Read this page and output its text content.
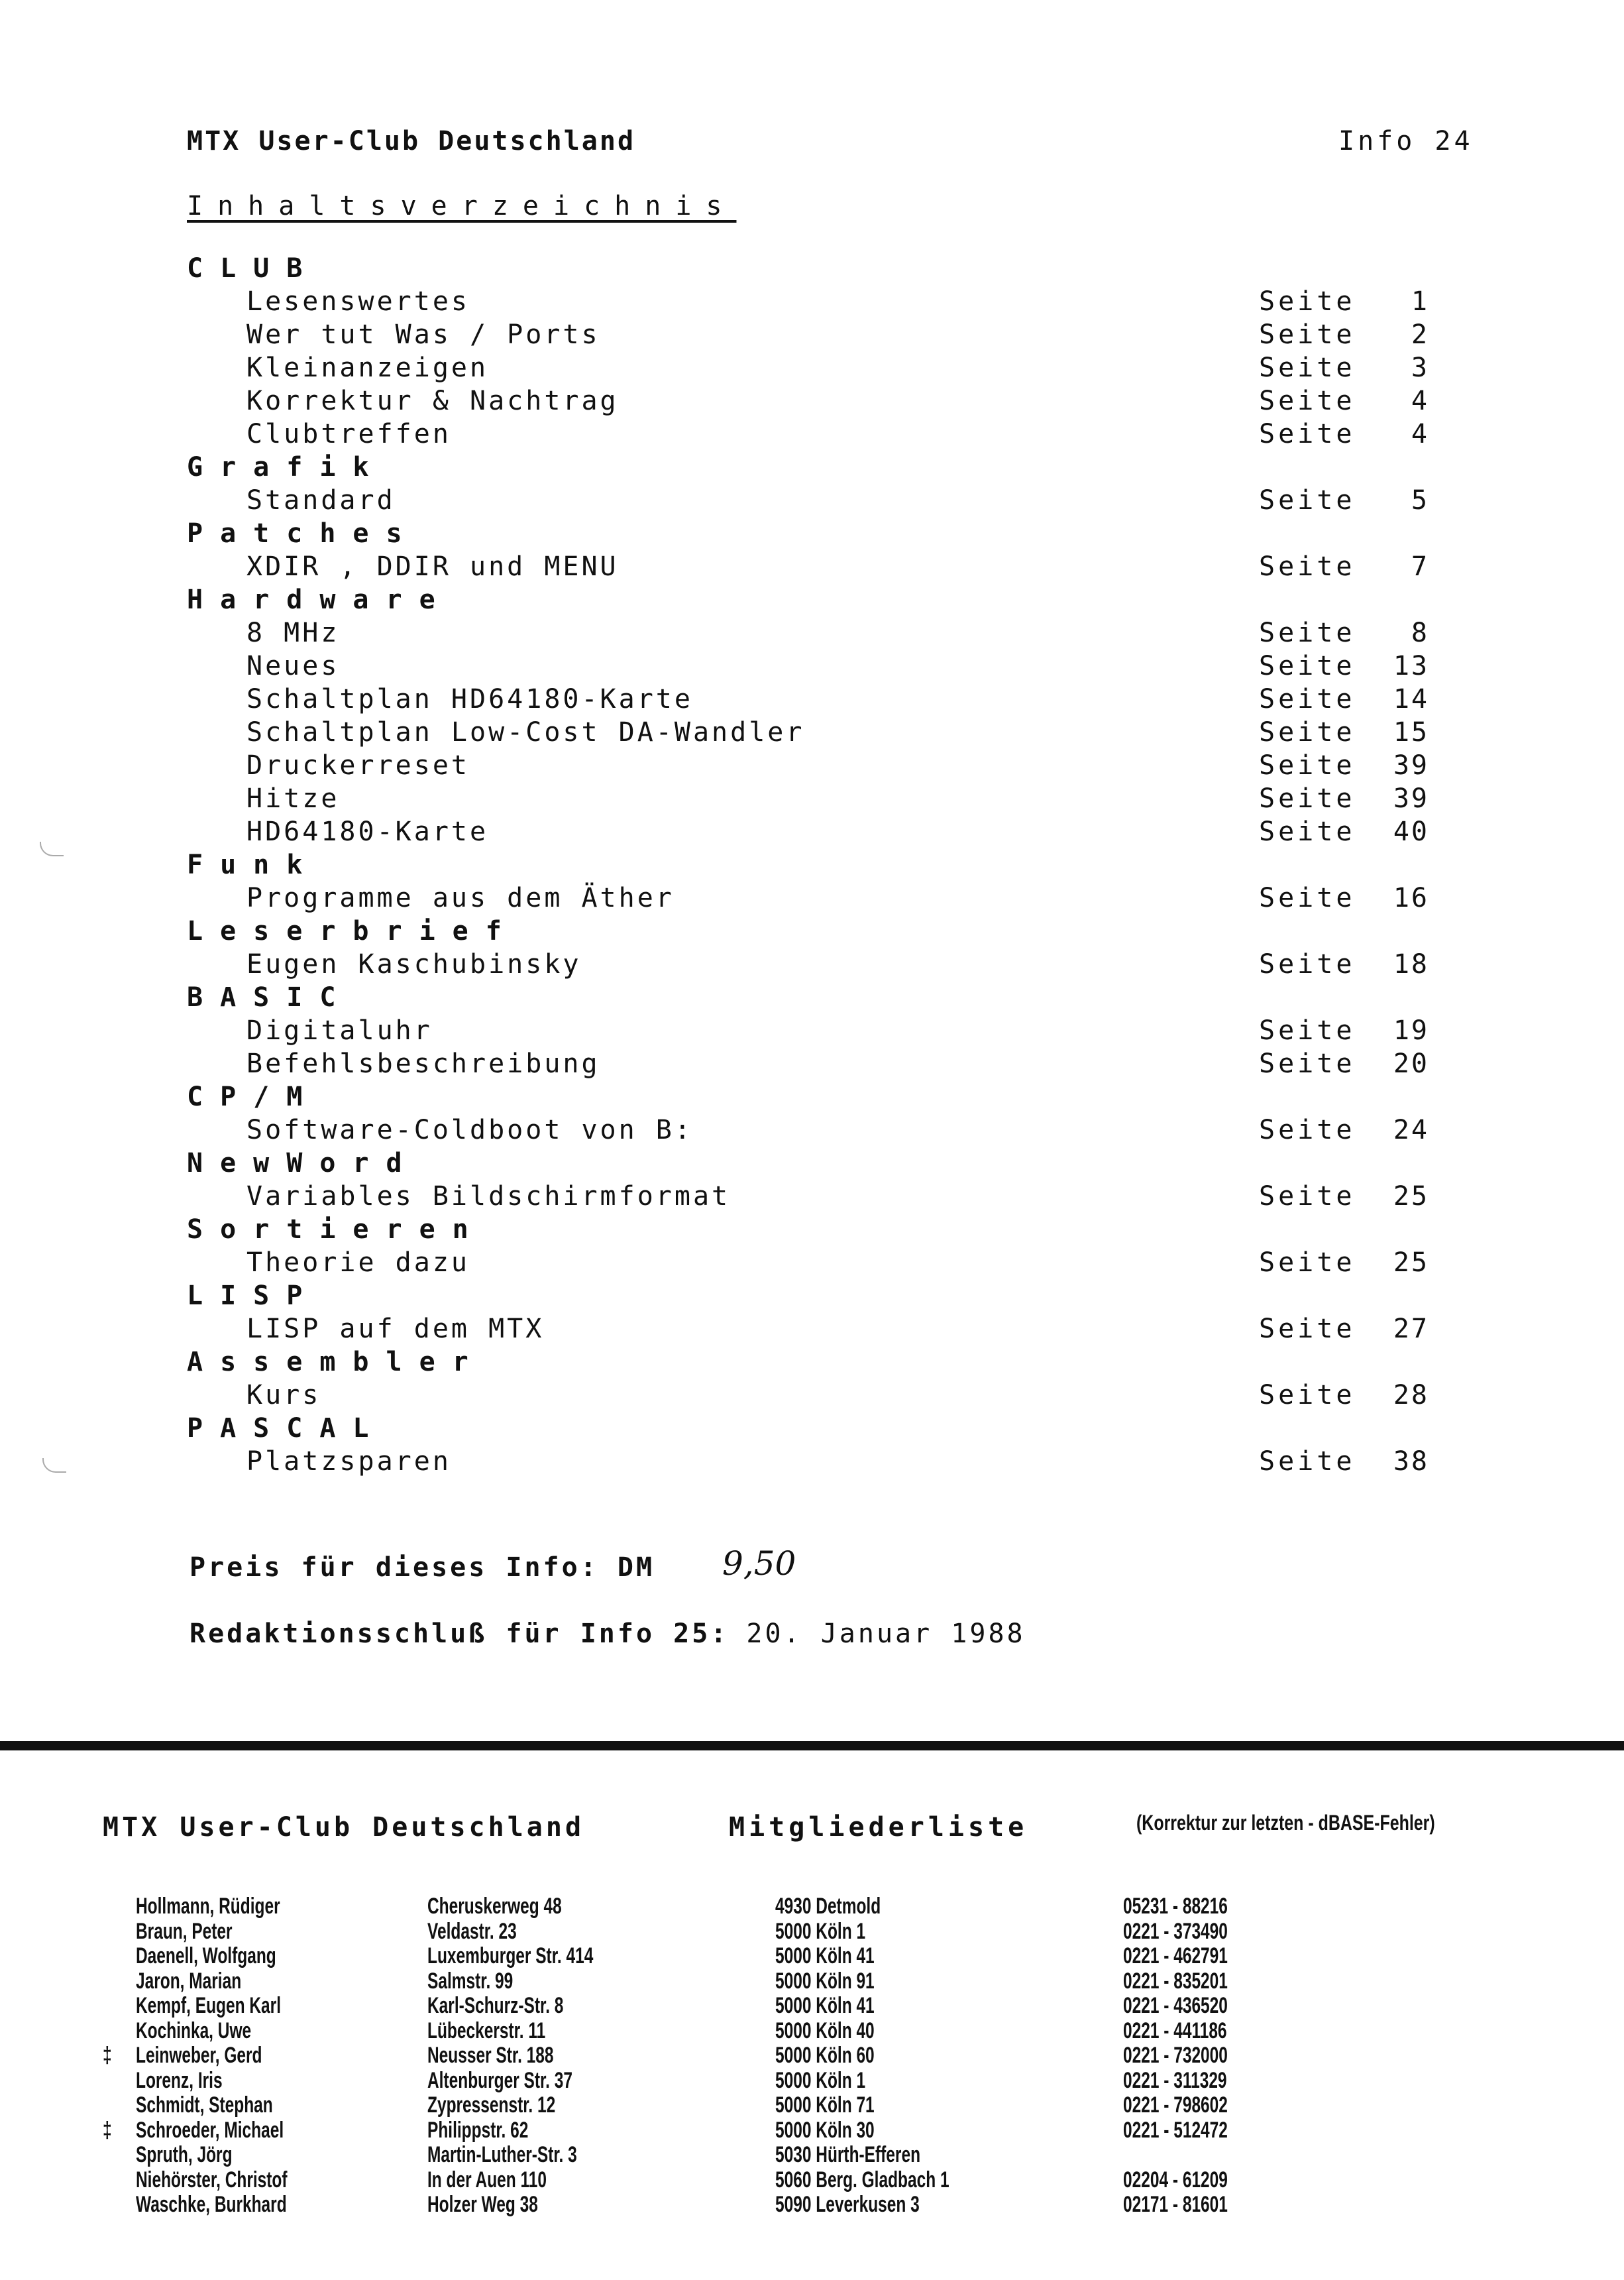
MTX User-Club Deutschland	Info 24
Inhaltsverzeichnis
CLUB
Lesenswertes	Seite	1
Wer tut Was / Ports	Seite	2
Kleinanzeigen	Seite	3
Korrektur & Nachtrag	Seite	4
Clubtreffen	Seite	4
Grafik
Standard	Seite	5
Patches
XDIR , DDIR und MENU	Seite	7
Hardware
8 MHz	Seite	8
Neues	Seite	13
Schaltplan HD64180-Karte	Seite	14
Schaltplan Low-Cost DA-Wandler	Seite	15
Druckerreset	Seite	39
Hitze	Seite	39
HD64180-Karte	Seite	40
Funk
Programme aus dem Äther	Seite	16
Leserbrief
Eugen Kaschubinsky	Seite	18
BASIC
Digitaluhr	Seite	19
Befehlsbeschreibung	Seite	20
CP/M
Software-Coldboot von B:	Seite	24
NewWord
Variables Bildschirmformat	Seite	25
Sortieren
Theorie dazu	Seite	25
LISP
LISP auf dem MTX	Seite	27
Assembler
Kurs	Seite	28
PASCAL
Platzsparen	Seite	38
Preis für dieses Info: DM 9,50
Redaktionsschluß für Info 25: 20. Januar 1988
MTX User-Club Deutschland	Mitgliederliste	(Korrektur zur letzten - dBASE-Fehler)
Hollmann, Rüdiger	Cheruskerweg 48	4930 Detmold	05231 - 88216
Braun, Peter	Veldastr. 23	5000 Köln 1	0221 - 373490
Daenell, Wolfgang	Luxemburger Str. 414	5000 Köln 41	0221 - 462791
Jaron, Marian	Salmstr. 99	5000 Köln 91	0221 - 835201
Kempf, Eugen Karl	Karl-Schurz-Str. 8	5000 Köln 41	0221 - 436520
Kochinka, Uwe	Lübeckerstr. 11	5000 Köln 40	0221 - 441186
‡ Leinweber, Gerd	Neusser Str. 188	5000 Köln 60	0221 - 732000
Lorenz, Iris	Altenburger Str. 37	5000 Köln 1	0221 - 311329
Schmidt, Stephan	Zypressenstr. 12	5000 Köln 71	0221 - 798602
‡ Schroeder, Michael	Philippstr. 62	5000 Köln 30	0221 - 512472
Spruth, Jörg	Martin-Luther-Str. 3	5030 Hürth-Efferen
Niehörster, Christof	In der Auen 110	5060 Berg. Gladbach 1	02204 - 61209
Waschke, Burkhard	Holzer Weg 38	5090 Leverkusen 3	02171 - 81601
